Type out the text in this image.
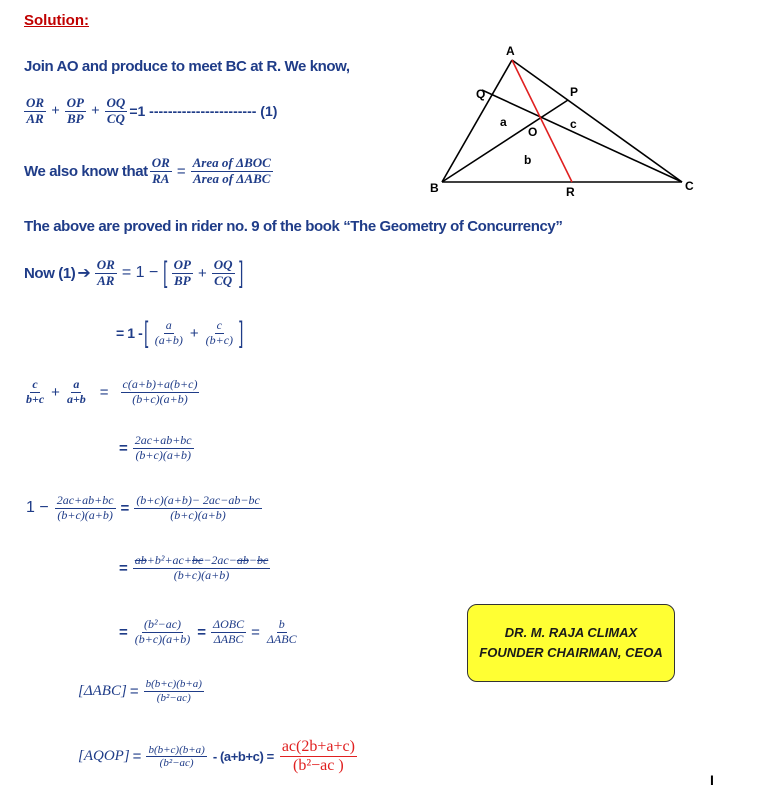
Solution:
Join AO and produce to meet BC at R. We know,
$\frac{OR}{AR} + \frac{OP}{BP} + \frac{OQ}{CQ} =1$ ----------------------- (1)
We also know that $\frac{OR}{RA} = \frac{\text{Area of ΔBOC}}{\text{Area of ΔABC}}$
The above are proved in rider no. 9 of the book “The Geometry of Concurrency”
Now (1) ➔ $\frac{OR}{AR} = 1$ − [ $\frac{OP}{BP} + \frac{OQ}{CQ}$ ]
= 1 - [ $\frac{a}{(a+b)} + \frac{c}{(b+c)}$ ]
$\frac{c}{b+c} + \frac{a}{a+b} = \frac{c(a+b)+a(b+c)}{(b+c)(a+b)}$
= $\frac{2ac+ab+bc}{(b+c)(a+b)}$
$1 - \frac{2ac+ab+bc}{(b+c)(a+b)} = \frac{(b+c)(a+b)- 2ac-ab-bc}{(b+c)(a+b)}$
= $\frac{\text{ab+b²+ac+bc−2ac−ab−bc}}{(b+c)(a+b)}$
= $\frac{\text{(b²−ac)}}{(b+c)(a+b)} = \frac{\text{ΔOBC}}{\text{ΔABC}} = \frac{b}{\text{ΔABC}}$
$[\Delta ABC] = \frac{b(b+c)(b+a)}{\text{(b²−ac)}}$
[AQOP] = $\frac{b(b+c)(b+a)}{\text{(b²−ac)}} - (a+b+c) = \frac{ac(2b+a+c)}{\text{(b²−ac )}}$
DR. M. RAJA CLIMAX
FOUNDER CHAIRMAN, CEOA
I
A
B	C
P
Q
R
O
a
b
c
